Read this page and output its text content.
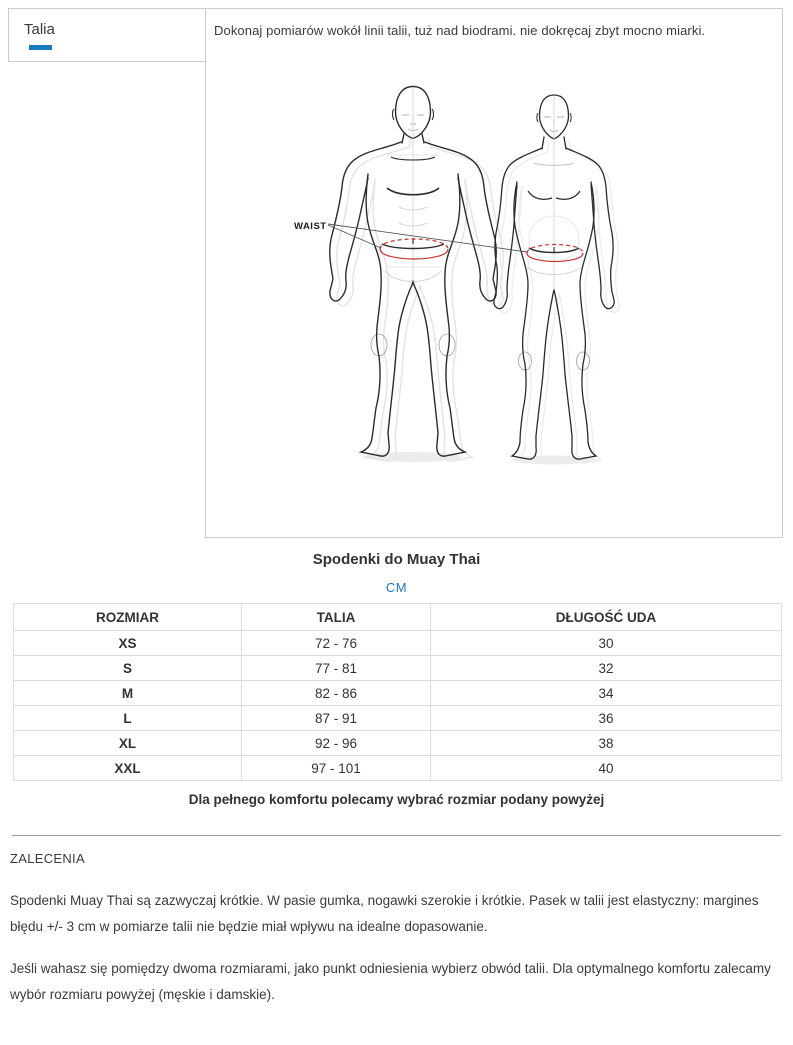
Talia	Dokonaj pomiarów wokół linii talii, tuż nad biodrami. nie dokręcaj zbyt mocno miarki.
WAIST
Spodenki do Muay Thai
CM
ROZMIAR	TALIA	DŁUGOŚĆ UDA
XS	72 - 76	30
S	77 - 81	32
M	82 - 86	34
L	87 - 91	36
XL	92 - 96	38
XXL	97 - 101	40
Dla pełnego komfortu polecamy wybrać rozmiar podany powyżej
ZALECENIA

Spodenki Muay Thai są zazwyczaj krótkie. W pasie gumka, nogawki szerokie i krótkie. Pasek w talii jest elastyczny: margines błędu +/- 3 cm w pomiarze talii nie będzie miał wpływu na idealne dopasowanie.

Jeśli wahasz się pomiędzy dwoma rozmiarami, jako punkt odniesienia wybierz obwód talii. Dla optymalnego komfortu zalecamy wybór rozmiaru powyżej (męskie i damskie).
